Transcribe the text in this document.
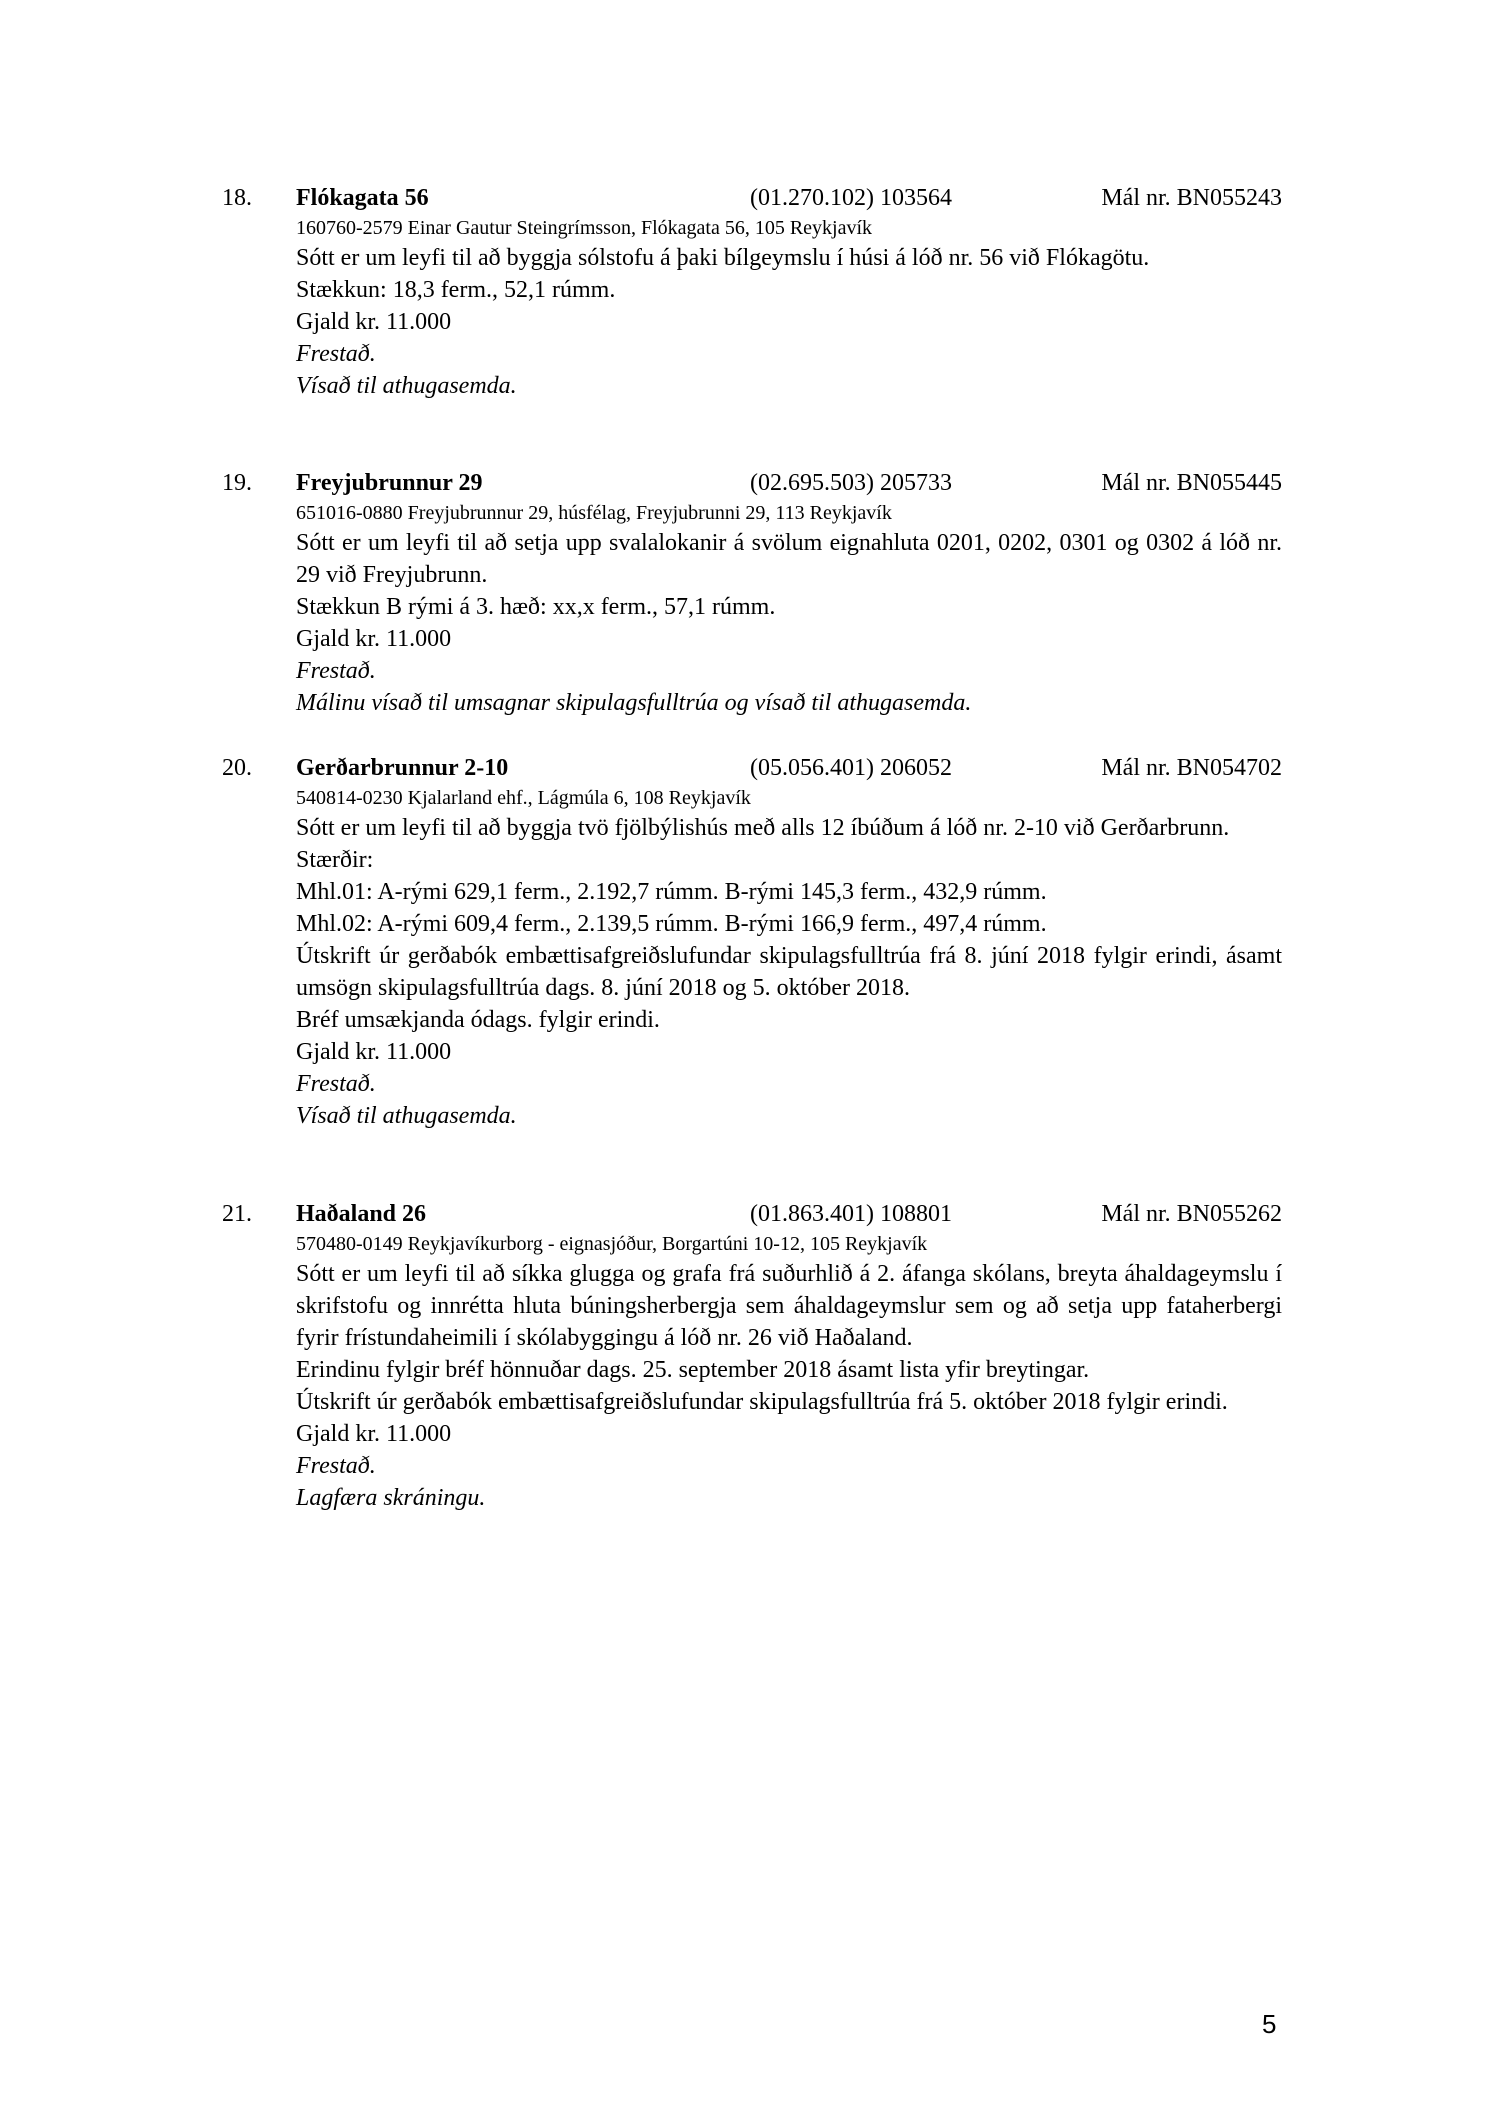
18. Flókagata 56	(01.270.102) 103564	Mál nr. BN055243
160760-2579 Einar Gautur Steingrímsson, Flókagata 56, 105 Reykjavík
Sótt er um leyfi til að byggja sólstofu á þaki bílgeymslu í húsi á lóð nr. 56 við Flókagötu.
Stækkun: 18,3 ferm., 52,1 rúmm.
Gjald kr. 11.000
Frestað.
Vísað til athugasemda.
19. Freyjubrunnur 29	(02.695.503) 205733	Mál nr. BN055445
651016-0880 Freyjubrunnur 29, húsfélag, Freyjubrunni 29, 113 Reykjavík
Sótt er um leyfi til að setja upp svalalokanir á svölum eignahluta 0201, 0202, 0301 og 0302 á lóð nr. 29 við Freyjubrunn.
Stækkun B rými á 3. hæð: xx,x ferm., 57,1 rúmm.
Gjald kr. 11.000
Frestað.
Málinu vísað til umsagnar skipulagsfulltrúa og vísað til athugasemda.
20. Gerðarbrunnur 2-10	(05.056.401) 206052	Mál nr. BN054702
540814-0230 Kjalarland ehf., Lágmúla 6, 108 Reykjavík
Sótt er um leyfi til að byggja tvö fjölbýlishús með alls 12 íbúðum á lóð nr. 2-10 við Gerðarbrunn.
Stærðir:
Mhl.01: A-rými 629,1 ferm., 2.192,7 rúmm. B-rými 145,3 ferm., 432,9 rúmm.
Mhl.02: A-rými 609,4 ferm., 2.139,5 rúmm. B-rými 166,9 ferm., 497,4 rúmm.
Útskrift úr gerðabók embættisafgreiðslufundar skipulagsfulltrúa frá 8. júní 2018 fylgir erindi, ásamt umsögn skipulagsfulltrúa dags. 8. júní 2018 og 5. október 2018.
Bréf umsækjanda ódags. fylgir erindi.
Gjald kr. 11.000
Frestað.
Vísað til athugasemda.
21. Haðaland 26	(01.863.401) 108801	Mál nr. BN055262
570480-0149 Reykjavíkurborg - eignasjóður, Borgartúni 10-12, 105 Reykjavík
Sótt er um leyfi til að síkka glugga og grafa frá suðurhlið á 2. áfanga skólans, breyta áhaldageymslu í skrifstofu og innrétta hluta búningsherbergja sem áhaldageymslur sem og að setja upp fataherbergi fyrir frístundaheimili í skólabyggingu á lóð nr. 26 við Haðaland.
Erindinu fylgir bréf hönnuðar dags. 25. september 2018 ásamt lista yfir breytingar.
Útskrift úr gerðabók embættisafgreiðslufundar skipulagsfulltrúa frá 5. október 2018 fylgir erindi.
Gjald kr. 11.000
Frestað.
Lagfæra skráningu.
5
